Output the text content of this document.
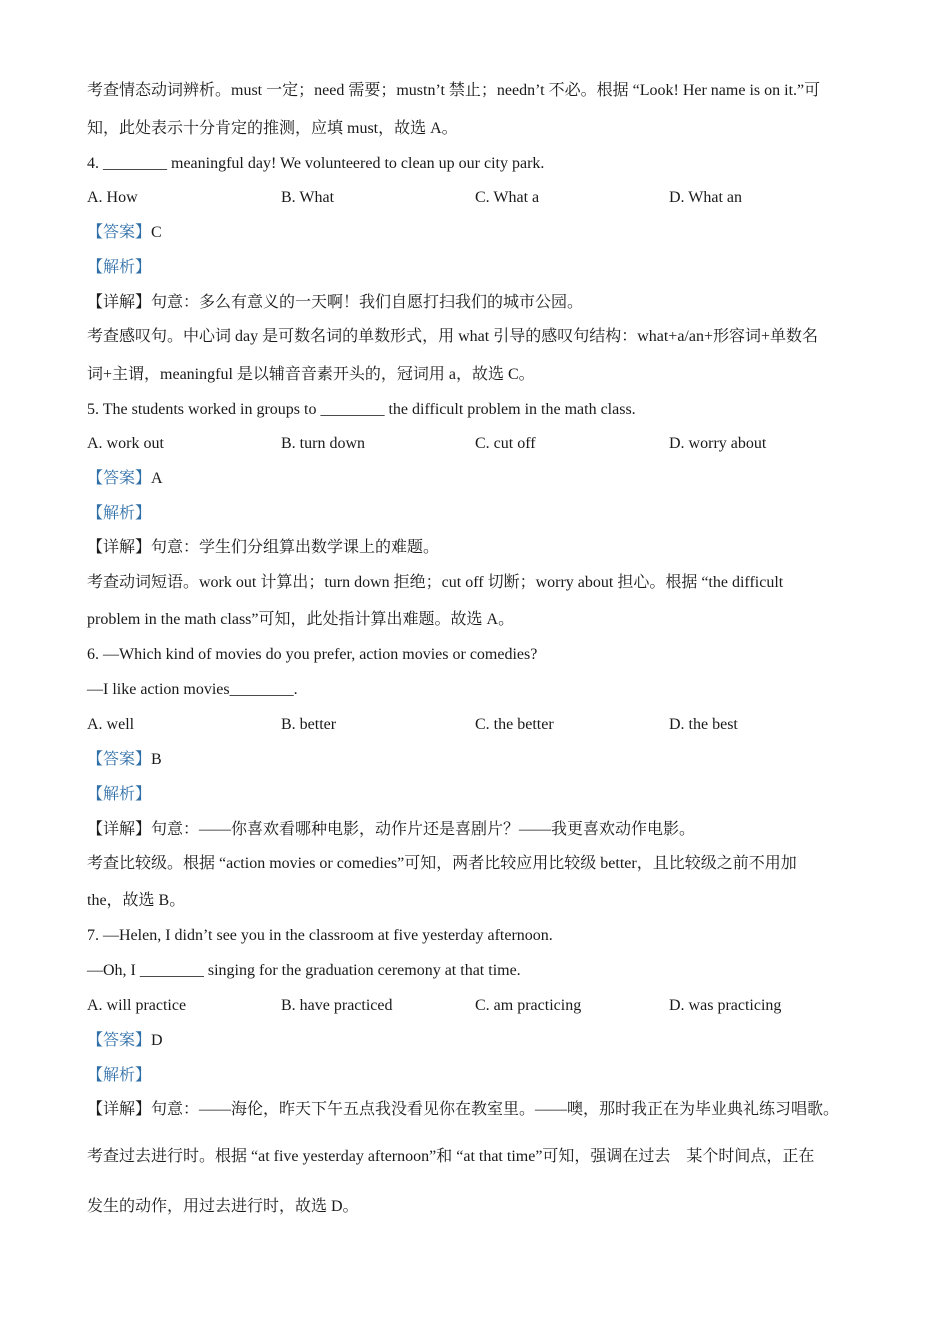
考查情态动词辨析。must 一定；need 需要；mustn’t 禁止；needn’t 不必。根据 “Look! Her name is on it.”可
知，此处表示十分肯定的推测，应填 must，故选 A。
4. ________ meaningful day! We volunteered to clean up our city park.
A. How	B. What	C. What a	D. What an
【答案】C
【解析】
【详解】句意：多么有意义的一天啊！我们自愿打扫我们的城市公园。
考查感叹句。中心词 day 是可数名词的单数形式，用 what 引导的感叹句结构：what+a/an+形容词+单数名
词+主谓，meaningful 是以辅音音素开头的，冠词用 a，故选 C。
5. The students worked in groups to ________ the difficult problem in the math class.
A. work out	B. turn down	C. cut off	D. worry about
【答案】A
【解析】
【详解】句意：学生们分组算出数学课上的难题。
考查动词短语。work out 计算出；turn down 拒绝；cut off 切断；worry about 担心。根据 “the difficult
problem in the math class”可知，此处指计算出难题。故选 A。
6. —Which kind of movies do you prefer, action movies or comedies?
—I like action movies________.
A. well	B. better	C. the better	D. the best
【答案】B
【解析】
【详解】句意：——你喜欢看哪种电影，动作片还是喜剧片？——我更喜欢动作电影。
考查比较级。根据 “action movies or comedies”可知，两者比较应用比较级 better，且比较级之前不用加
the，故选 B。
7. —Helen, I didn’t see you in the classroom at five yesterday afternoon.
—Oh, I ________ singing for the graduation ceremony at that time.
A. will practice	B. have practiced	C. am practicing	D. was practicing
【答案】D
【解析】
【详解】句意：——海伦，昨天下午五点我没看见你在教室里。——噢，那时我正在为毕业典礼练习唱歌。
考查过去进行时。根据 “at five yesterday afternoon”和 “at that time”可知，强调在过去　某个时间点，正在
发生的动作，用过去进行时，故选 D。
